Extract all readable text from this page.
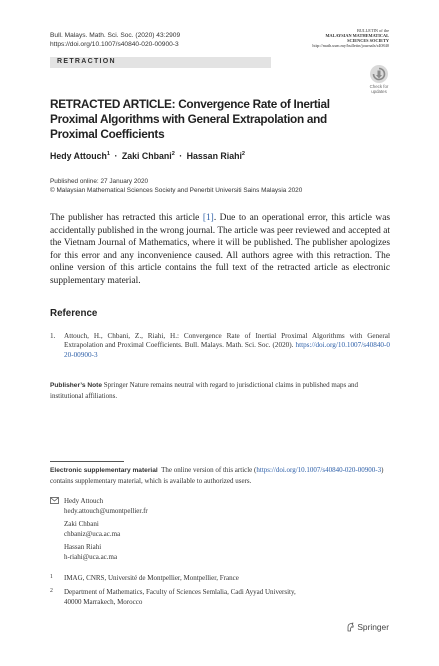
Bull. Malays. Math. Sci. Soc. (2020) 43:2909
https://doi.org/10.1007/s40840-020-00900-3
BULLETIN of the
MALAYSIAN MATHEMATICAL
SCIENCES SOCIETY
http://math.usm.my/bulletin/journals/s40840
RETRACTION
Check for
updates
RETRACTED ARTICLE: Convergence Rate of Inertial Proximal Algorithms with General Extrapolation and Proximal Coefficients
Hedy Attouch$^1$ · Zaki Chbani$^2$ · Hassan Riahi$^2$
Published online: 27 January 2020
© Malaysian Mathematical Sciences Society and Penerbit Universiti Sains Malaysia 2020

The publisher has retracted this article [1]. Due to an operational error, this article was accidentally published in the wrong journal. The article was peer reviewed and accepted at the Vietnam Journal of Mathematics, where it will be published. The publisher apologizes for this error and any inconvenience caused. All authors agree with this retraction. The online version of this article contains the full text of the retracted article as electronic supplementary material.

Reference
1. Attouch, H., Chbani, Z., Riahi, H.: Convergence Rate of Inertial Proximal Algorithms with General Extrapolation and Proximal Coefficients. Bull. Malays. Math. Sci. Soc. (2020). https://doi.org/10.1007/s40840-020-00900-3
Publisher’s Note Springer Nature remains neutral with regard to jurisdictional claims in published maps and institutional affiliations.
Electronic supplementary material  The online version of this article (https://doi.org/10.1007/s40840-020-00900-3) contains supplementary material, which is available to authorized users.
Hedy Attouch
hedy.attouch@umontpellier.fr
Zaki Chbani
chbaniz@uca.ac.ma
Hassan Riahi
h-riahi@uca.ac.ma
1 IMAG, CNRS, Université de Montpellier, Montpellier, France
2 Department of Mathematics, Faculty of Sciences Semlalia, Cadi Ayyad University,
40000 Marrakech, Morocco
Springer
